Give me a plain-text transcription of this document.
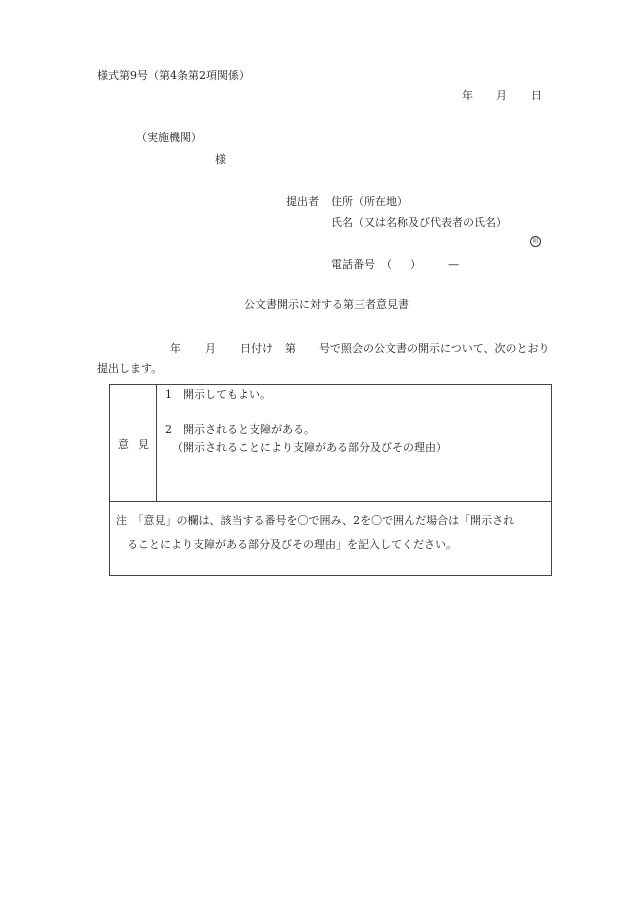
様式第9号（第4条第2項関係）
年 月 日
（実施機関）
様
提出者 住所（所在地）
氏名（又は名称及び代表者の氏名）
印
電話番号 （ ） —
公文書開示に対する第三者意見書
年 月 日付け 第 号で照会の公文書の開示について、次のとおり
提出します。
意 見
1　開示してもよい。
2　開示されると支障がある。
（開示されることにより支障がある部分及びその理由）
注　「意見」の欄は、該当する番号を〇で囲み、2を〇で囲んだ場合は「開示され
ることにより支障がある部分及びその理由」を記入してください。
